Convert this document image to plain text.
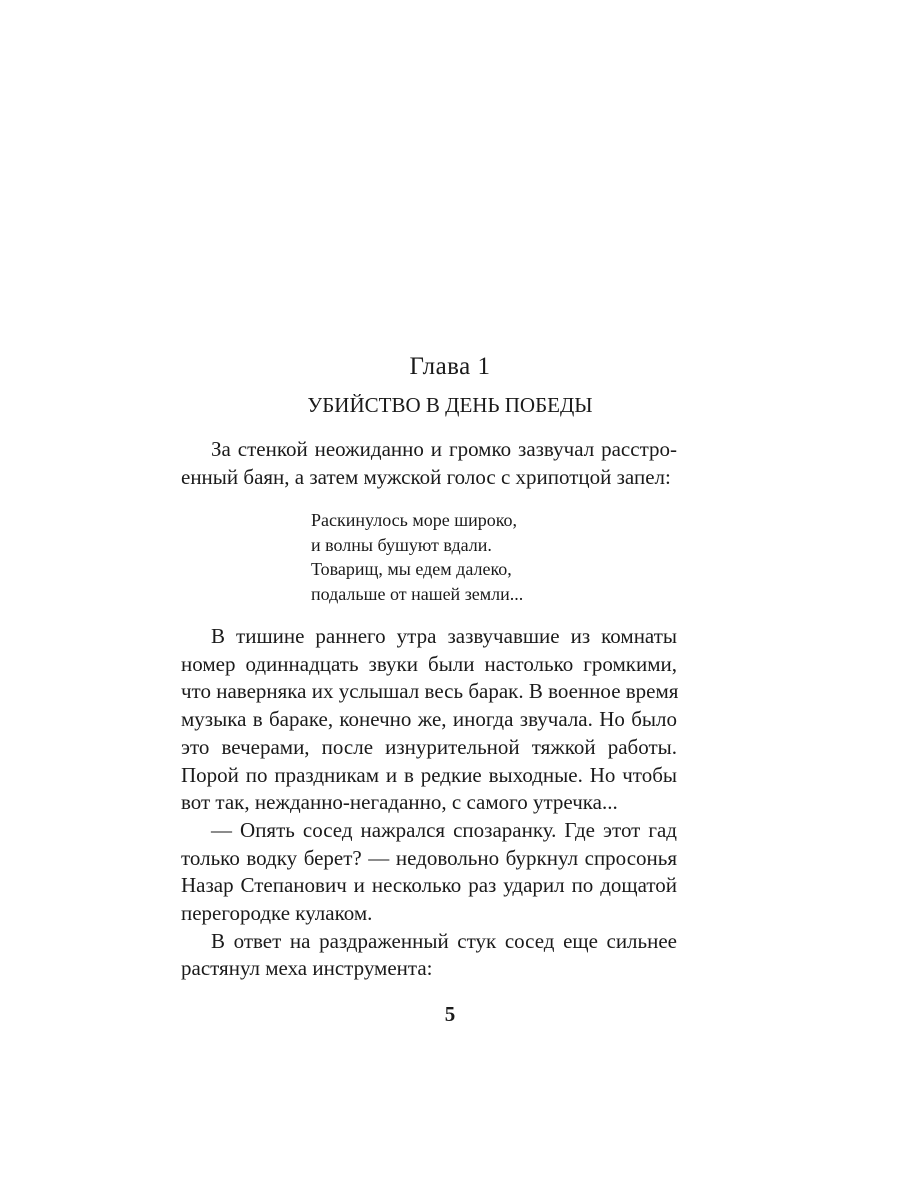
Глава 1
УБИЙСТВО В ДЕНЬ ПОБЕДЫ
За стенкой неожиданно и громко зазвучал расстро-
енный баян, а затем мужской голос с хрипотцой запел:
Раскинулось море широко,
и волны бушуют вдали.
Товарищ, мы едем далеко,
подальше от нашей земли...
В тишине раннего утра зазвучавшие из комнаты
номер одиннадцать звуки были настолько громкими,
что наверняка их услышал весь барак. В военное время
музыка в бараке, конечно же, иногда звучала. Но было
это вечерами, после изнурительной тяжкой работы.
Порой по праздникам и в редкие выходные. Но чтобы
вот так, нежданно-негаданно, с самого утречка...
— Опять сосед нажрался спозаранку. Где этот гад
только водку берет? — недовольно буркнул спросонья
Назар Степанович и несколько раз ударил по дощатой
перегородке кулаком.
В ответ на раздраженный стук сосед еще сильнее
растянул меха инструмента:
5
